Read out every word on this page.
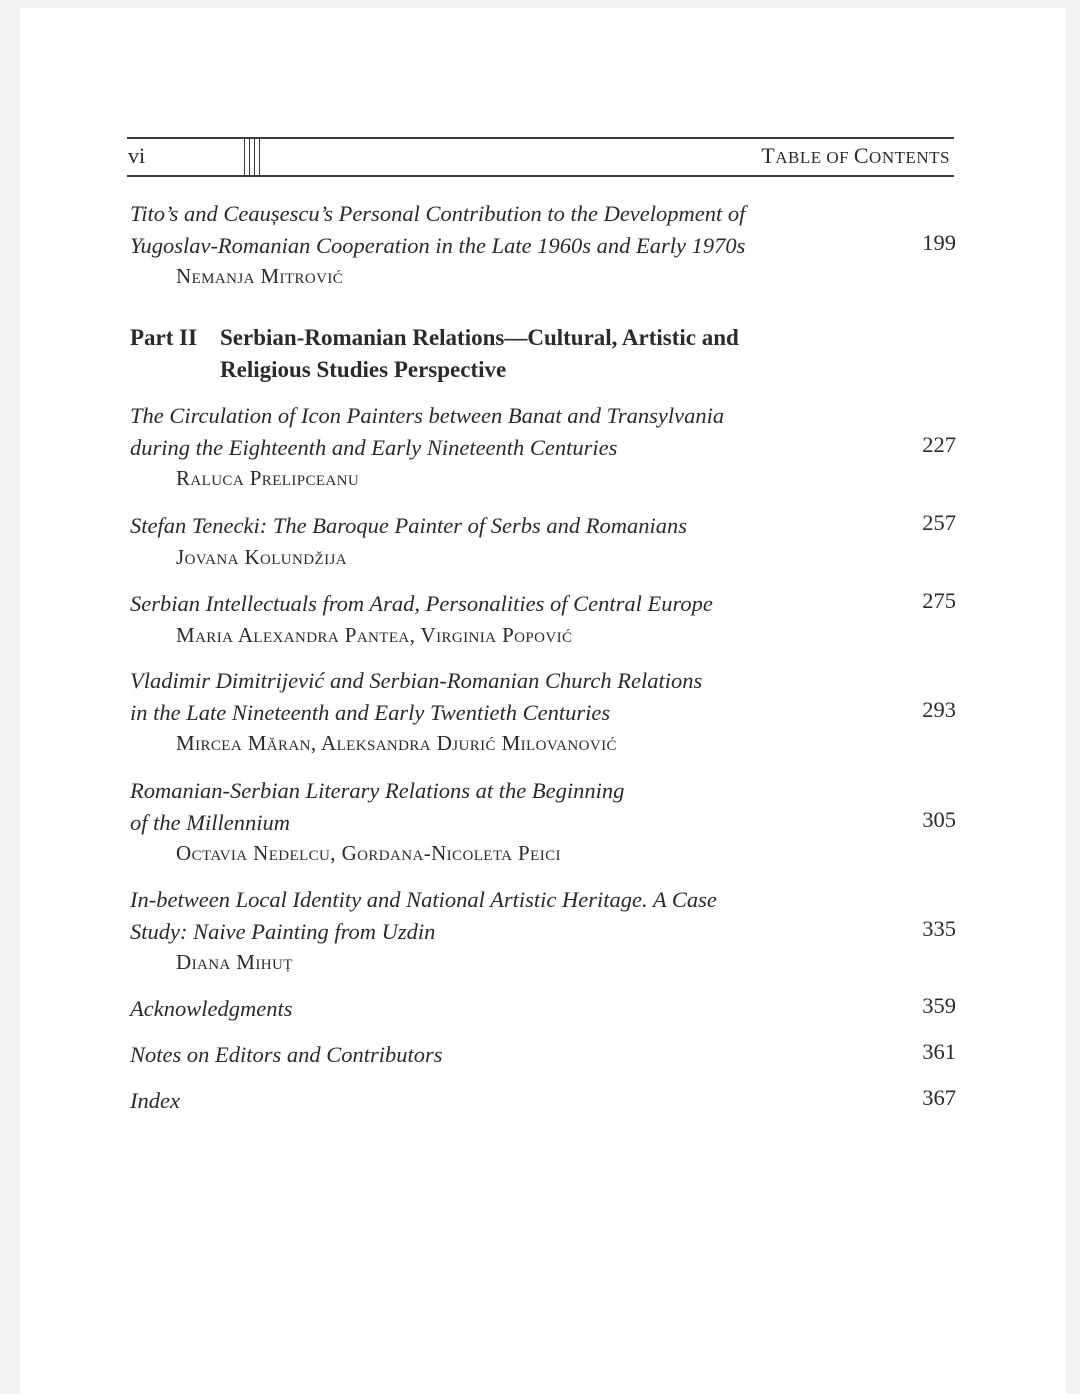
vi	TABLE OF CONTENTS
Tito’s and Ceaușescu’s Personal Contribution to the Development of
Yugoslav-Romanian Cooperation in the Late 1960s and Early 1970s
Nemanja Mitrović
199
Part II Serbian-Romanian Relations—Cultural, Artistic and
Religious Studies Perspective
The Circulation of Icon Painters between Banat and Transylvania
during the Eighteenth and Early Nineteenth Centuries
Raluca Prelipceanu
227
Stefan Tenecki: The Baroque Painter of Serbs and Romanians
Jovana Kolundžija
257
Serbian Intellectuals from Arad, Personalities of Central Europe
Maria Alexandra Pantea, Virginia Popović
275
Vladimir Dimitrijević and Serbian-Romanian Church Relations
in the Late Nineteenth and Early Twentieth Centuries
Mircea Măran, Aleksandra Djurić Milovanović
293
Romanian-Serbian Literary Relations at the Beginning
of the Millennium
Octavia Nedelcu, Gordana-Nicoleta Peici
305
In-between Local Identity and National Artistic Heritage. A Case
Study: Naive Painting from Uzdin
Diana Mihuț
335
Acknowledgments	359
Notes on Editors and Contributors	361
Index	367
